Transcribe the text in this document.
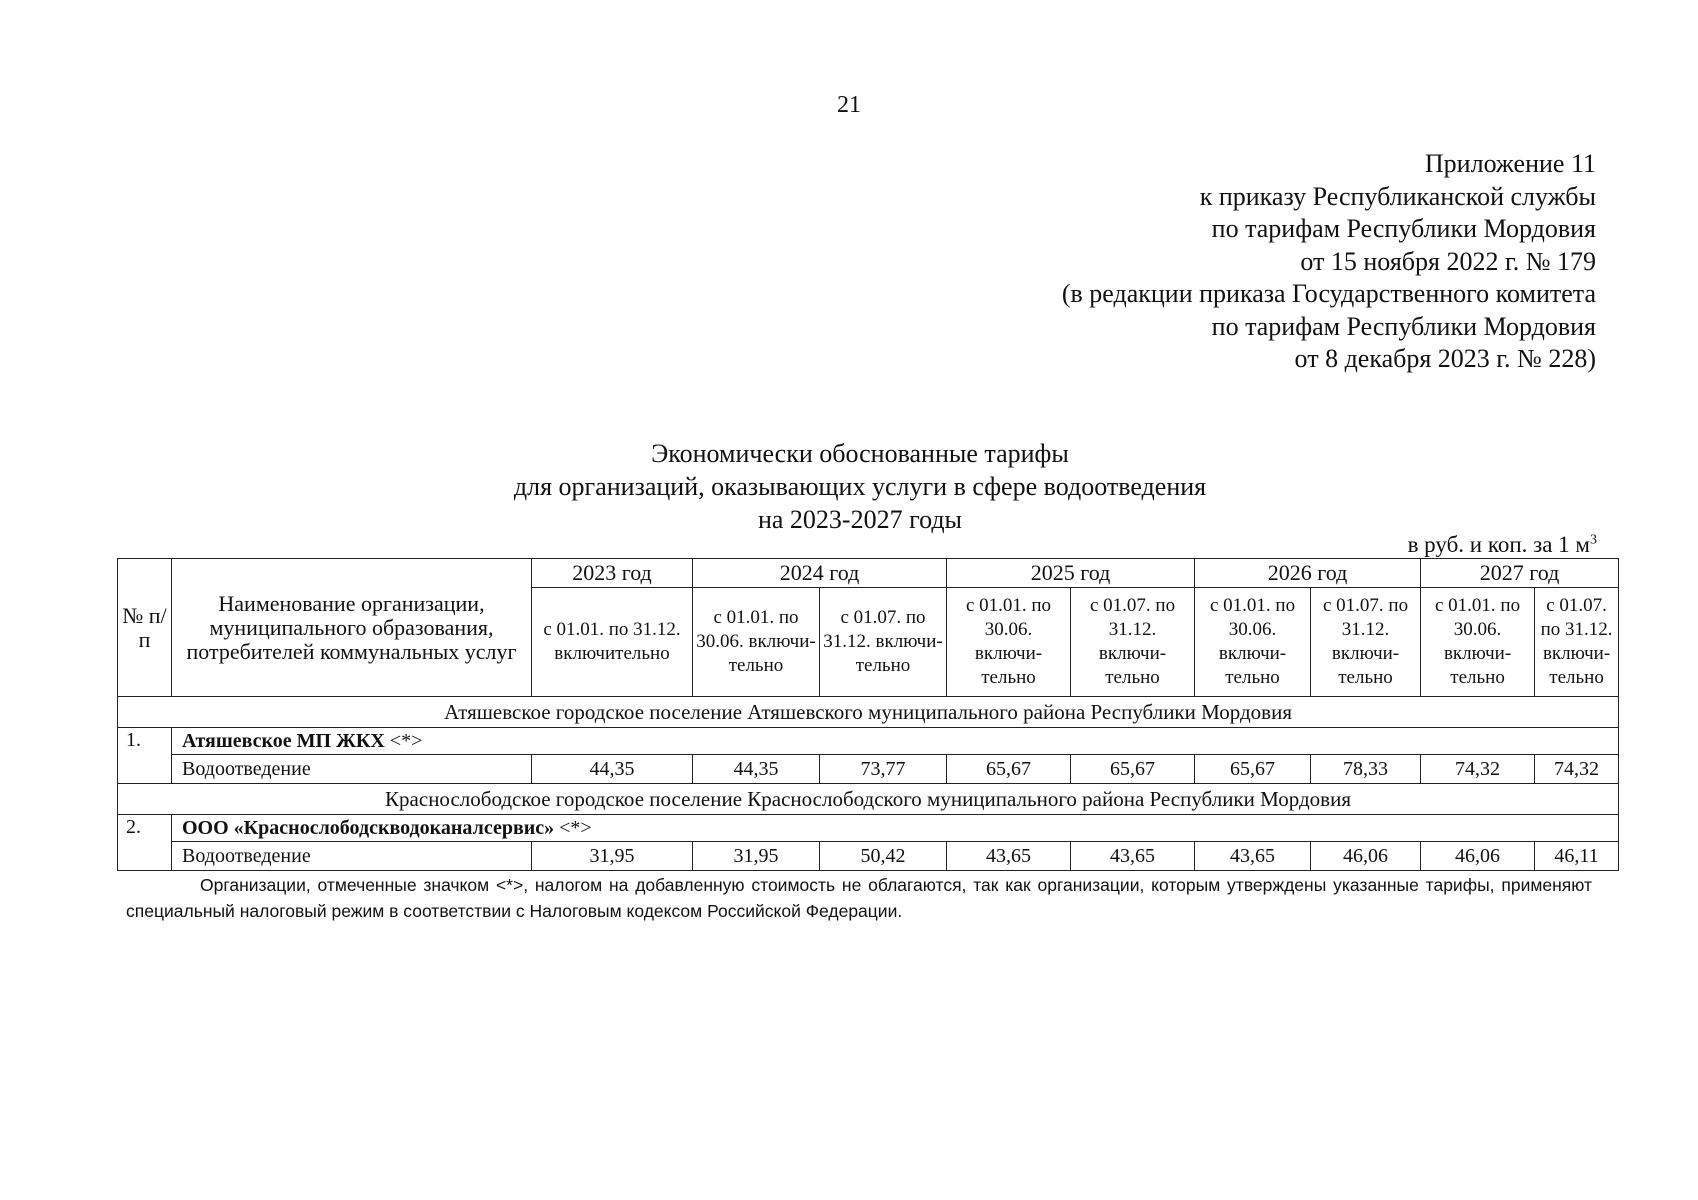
21
Приложение 11
к приказу Республиканской службы
по тарифам Республики Мордовия
от 15 ноября 2022 г. № 179
(в редакции приказа Государственного комитета
по тарифам Республики Мордовия
от 8 декабря 2023 г. № 228)
Экономически обоснованные тарифы
для организаций, оказывающих услуги в сфере водоотведения
на 2023-2027 годы
в руб. и коп. за 1 $м^3$
№ п/п	Наименование организации, муниципального образования, потребителей коммунальных услуг	2023 год	2024 год		2025 год		2026 год		2027 год	
		с 01.01. по 31.12. включительно	с 01.01. по 30.06. включи-тельно	с 01.07. по 31.12. включи-тельно	с 01.01. по 30.06. включи-тельно	с 01.07. по 31.12. включи-тельно	с 01.01. по 30.06. включи-тельно	с 01.07. по 31.12. включи-тельно	с 01.01. по 30.06. включи-тельно	с 01.07. по 31.12. включи-тельно
Атяшевское городское поселение Атяшевского муниципального района Республики Мордовия										
1.	Атяшевское МП ЖКХ <*>									
	Водоотведение	44,35	44,35	73,77	65,67	65,67	65,67	78,33	74,32	74,32
Краснослободское городское поселение Краснослободского муниципального района Республики Мордовия										
2.	ООО «Краснослободскводоканалсервис» <*>									
	Водоотведение	31,95	31,95	50,42	43,65	43,65	43,65	46,06	46,06	46,11
Организации, отмеченные значком <*>, налогом на добавленную стоимость не облагаются, так как организации, которым утверждены указанные тарифы, применяют специальный налоговый режим в соответствии с Налоговым кодексом Российской Федерации.
